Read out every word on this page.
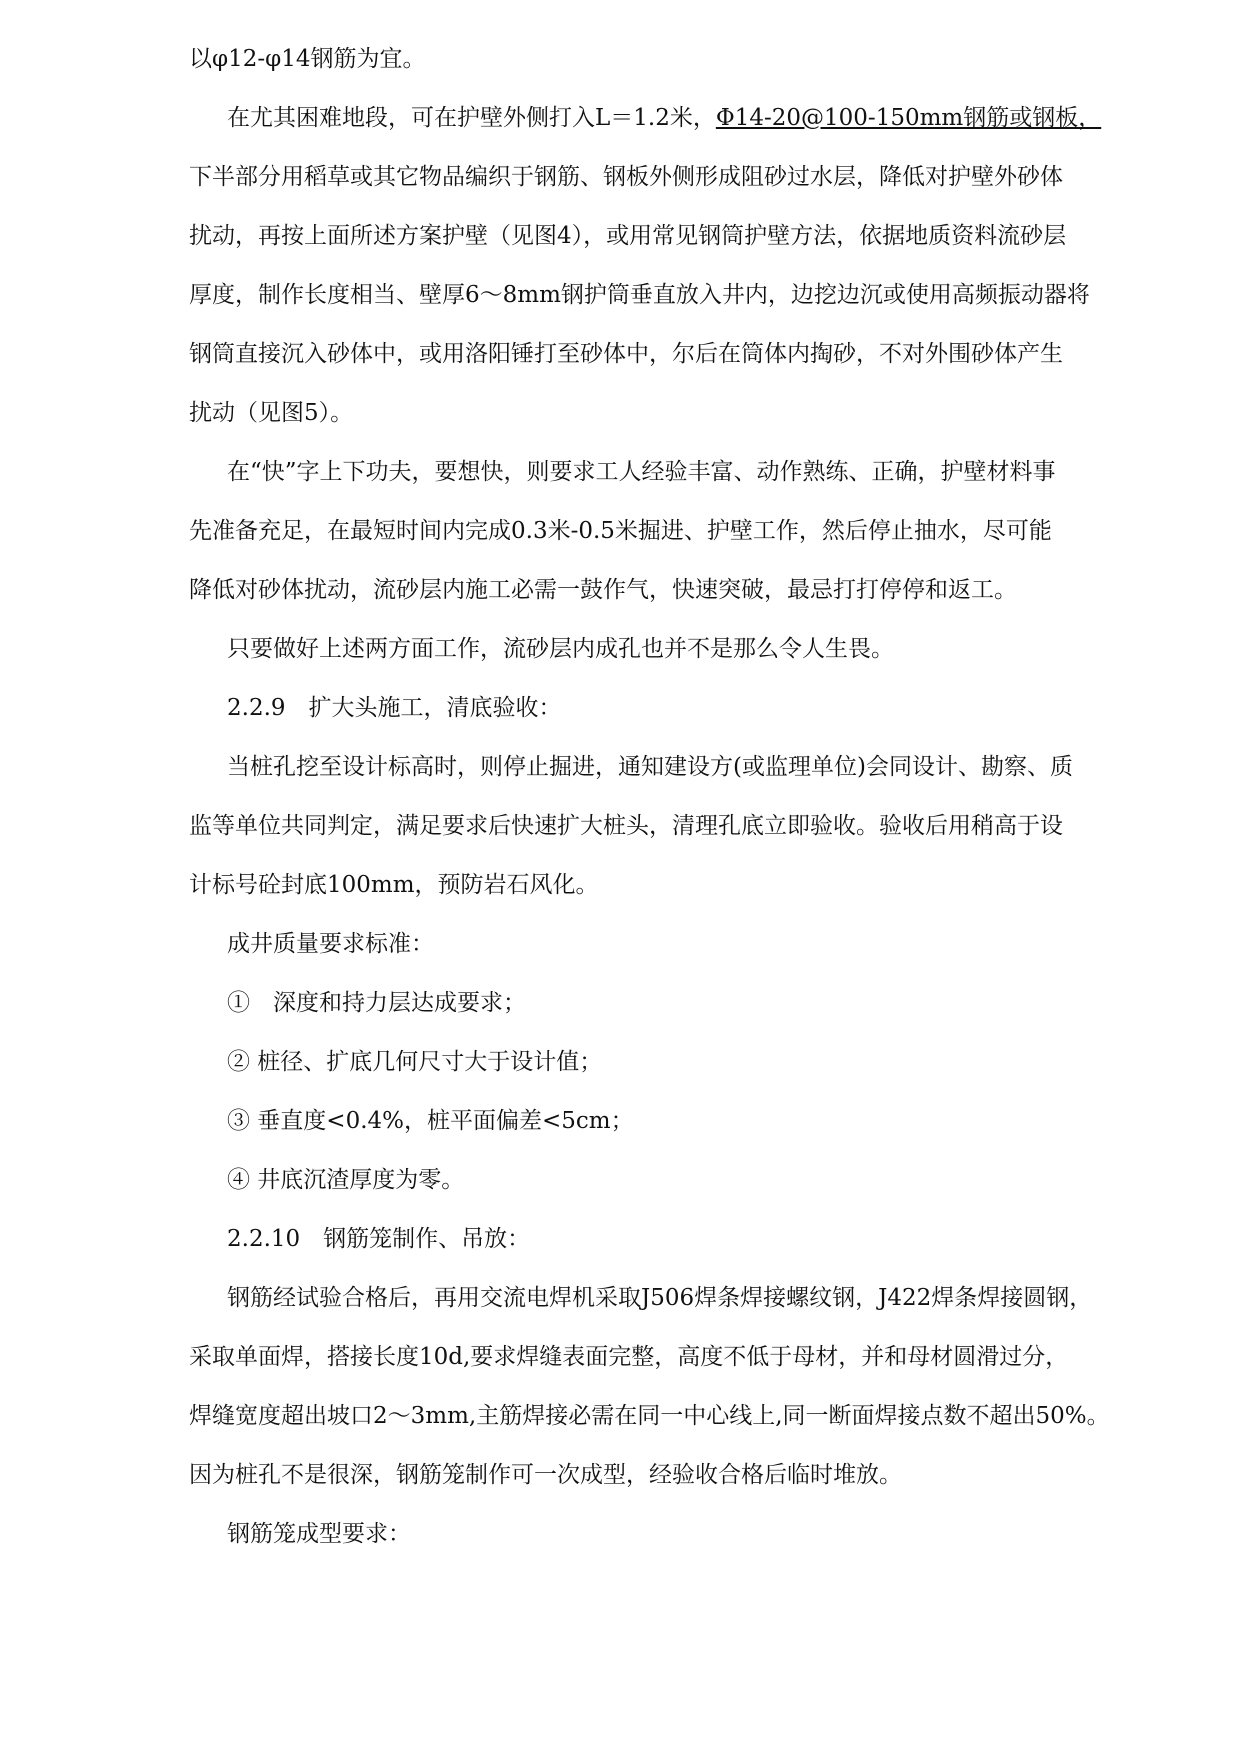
以φ12-φ14钢筋为宜。
在尤其困难地段，可在护壁外侧打入L＝1.2米，Φ14-20@100-150mm钢筋或钢板，
下半部分用稻草或其它物品编织于钢筋、钢板外侧形成阻砂过水层，降低对护壁外砂体
扰动，再按上面所述方案护壁（见图4），或用常见钢筒护壁方法，依据地质资料流砂层
厚度，制作长度相当、壁厚6～8mm钢护筒垂直放入井内，边挖边沉或使用高频振动器将
钢筒直接沉入砂体中，或用洛阳锤打至砂体中，尔后在筒体内掏砂，不对外围砂体产生
扰动（见图5）。
在“快”字上下功夫，要想快，则要求工人经验丰富、动作熟练、正确，护壁材料事
先准备充足，在最短时间内完成0.3米-0.5米掘进、护壁工作，然后停止抽水，尽可能
降低对砂体扰动，流砂层内施工必需一鼓作气，快速突破，最忌打打停停和返工。
只要做好上述两方面工作，流砂层内成孔也并不是那么令人生畏。
2.2.9　扩大头施工，清底验收：
当桩孔挖至设计标高时，则停止掘进，通知建设方(或监理单位)会同设计、勘察、质
监等单位共同判定，满足要求后快速扩大桩头，清理孔底立即验收。验收后用稍高于设
计标号砼封底100mm，预防岩石风化。
成井质量要求标准：
①　深度和持力层达成要求；
② 桩径、扩底几何尺寸大于设计值；
③ 垂直度<0.4%，桩平面偏差<5cm；
④ 井底沉渣厚度为零。
2.2.10　钢筋笼制作、吊放：
钢筋经试验合格后，再用交流电焊机采取J506焊条焊接螺纹钢，J422焊条焊接圆钢，
采取单面焊，搭接长度10d,要求焊缝表面完整，高度不低于母材，并和母材圆滑过分，
焊缝宽度超出坡口2～3mm,主筋焊接必需在同一中心线上,同一断面焊接点数不超出50%。
因为桩孔不是很深，钢筋笼制作可一次成型，经验收合格后临时堆放。
钢筋笼成型要求：
